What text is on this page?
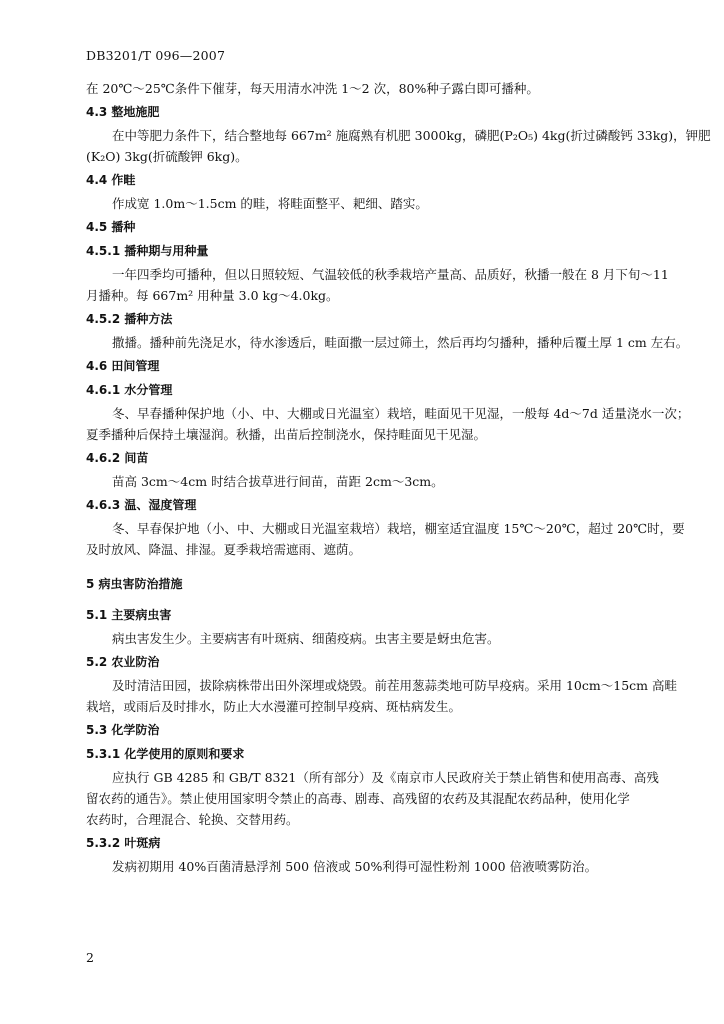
DB3201/T 096—2007

在 20℃～25℃条件下催芽，每天用清水冲洗 1～2 次，80%种子露白即可播种。

4.3 整地施肥

在中等肥力条件下，结合整地每 667m² 施腐熟有机肥 3000kg，磷肥(P₂O₅) 4kg(折过磷酸钙 33kg)，钾肥

(K₂O) 3kg(折硫酸钾 6kg)。

4.4 作畦

作成宽 1.0m～1.5cm 的畦，将畦面整平、耙细、踏实。

4.5 播种

4.5.1 播种期与用种量

一年四季均可播种，但以日照较短、气温较低的秋季栽培产量高、品质好，秋播一般在 8 月下旬～11

月播种。每 667m² 用种量 3.0 kg～4.0kg。

4.5.2 播种方法

撒播。播种前先浇足水，待水渗透后，畦面撒一层过筛土，然后再均匀播种，播种后覆土厚 1 cm 左右。

4.6 田间管理

4.6.1 水分管理

冬、早春播种保护地（小、中、大棚或日光温室）栽培，畦面见干见湿，一般每 4d～7d 适量浇水一次；

夏季播种后保持土壤湿润。秋播，出苗后控制浇水，保持畦面见干见湿。

4.6.2 间苗

苗高 3cm～4cm 时结合拔草进行间苗，苗距 2cm～3cm。

4.6.3 温、湿度管理

冬、早春保护地（小、中、大棚或日光温室栽培）栽培，棚室适宜温度 15℃～20℃，超过 20℃时，要

及时放风、降温、排湿。夏季栽培需遮雨、遮荫。

5 病虫害防治措施

5.1 主要病虫害

病虫害发生少。主要病害有叶斑病、细菌疫病。虫害主要是蚜虫危害。

5.2 农业防治

及时清洁田园，拔除病株带出田外深埋或烧毁。前茬用葱蒜类地可防早疫病。采用 10cm～15cm 高畦

栽培，或雨后及时排水，防止大水漫灌可控制早疫病、斑枯病发生。

5.3 化学防治

5.3.1 化学使用的原则和要求

应执行 GB 4285 和 GB/T 8321（所有部分）及《南京市人民政府关于禁止销售和使用高毒、高残

留农药的通告》。禁止使用国家明令禁止的高毒、剧毒、高残留的农药及其混配农药品种，使用化学

农药时，合理混合、轮换、交替用药。

5.3.2 叶斑病

发病初期用 40%百菌清悬浮剂 500 倍液或 50%利得可湿性粉剂 1000 倍液喷雾防治。

2
